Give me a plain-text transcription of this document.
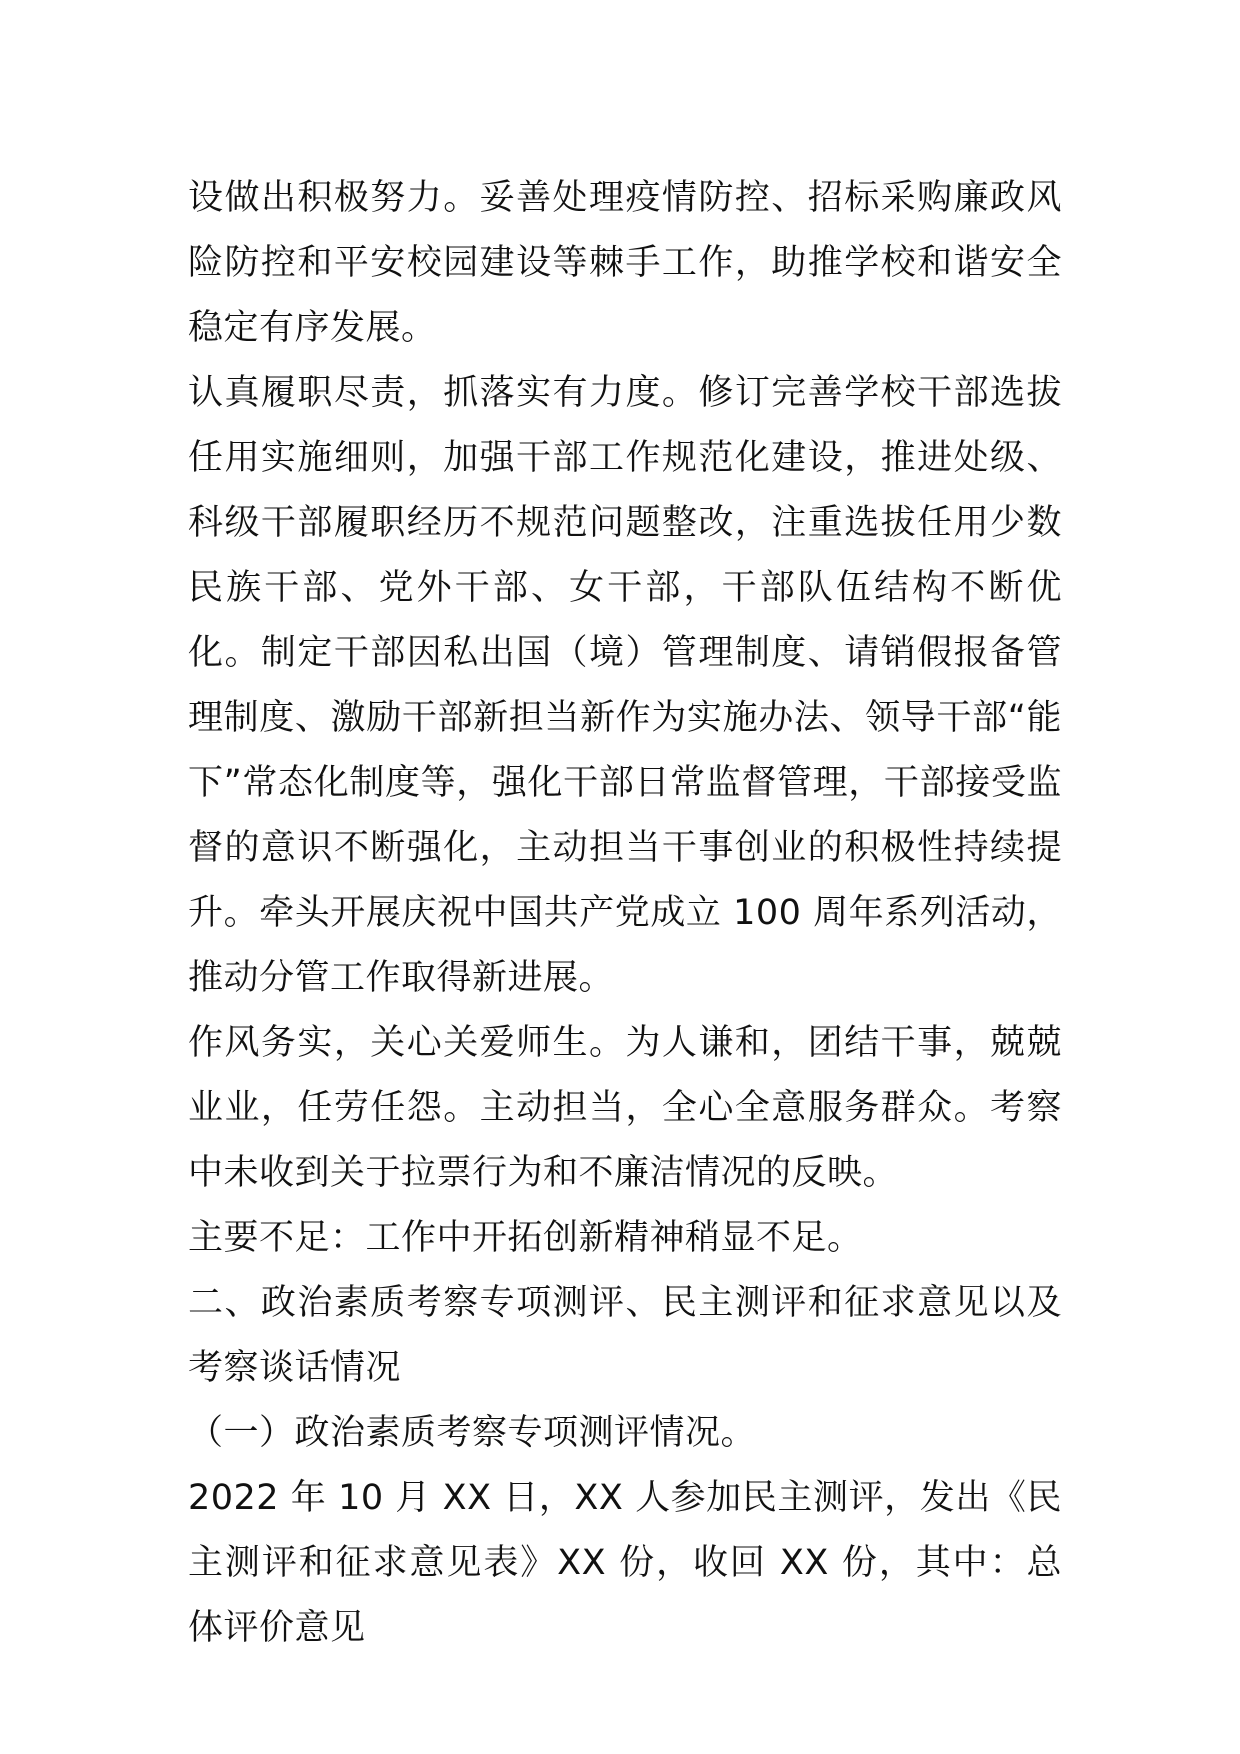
设做出积极努力。妥善处理疫情防控、招标采购廉政风险防控和平安校园建设等棘手工作，助推学校和谐安全稳定有序发展。

认真履职尽责，抓落实有力度。修订完善学校干部选拔任用实施细则，加强干部工作规范化建设，推进处级、科级干部履职经历不规范问题整改，注重选拔任用少数民族干部、党外干部、女干部，干部队伍结构不断优化。制定干部因私出国（境）管理制度、请销假报备管理制度、激励干部新担当新作为实施办法、领导干部“能下”常态化制度等，强化干部日常监督管理，干部接受监督的意识不断强化，主动担当干事创业的积极性持续提升。牵头开展庆祝中国共产党成立 100 周年系列活动，推动分管工作取得新进展。

作风务实，关心关爱师生。为人谦和，团结干事，兢兢业业，任劳任怨。主动担当，全心全意服务群众。考察中未收到关于拉票行为和不廉洁情况的反映。

主要不足：工作中开拓创新精神稍显不足。

二、政治素质考察专项测评、民主测评和征求意见以及考察谈话情况

（一）政治素质考察专项测评情况。

2022 年 10 月 XX 日，XX 人参加民主测评，发出《民主测评和征求意见表》XX 份，收回 XX 份，其中：总体评价意见
